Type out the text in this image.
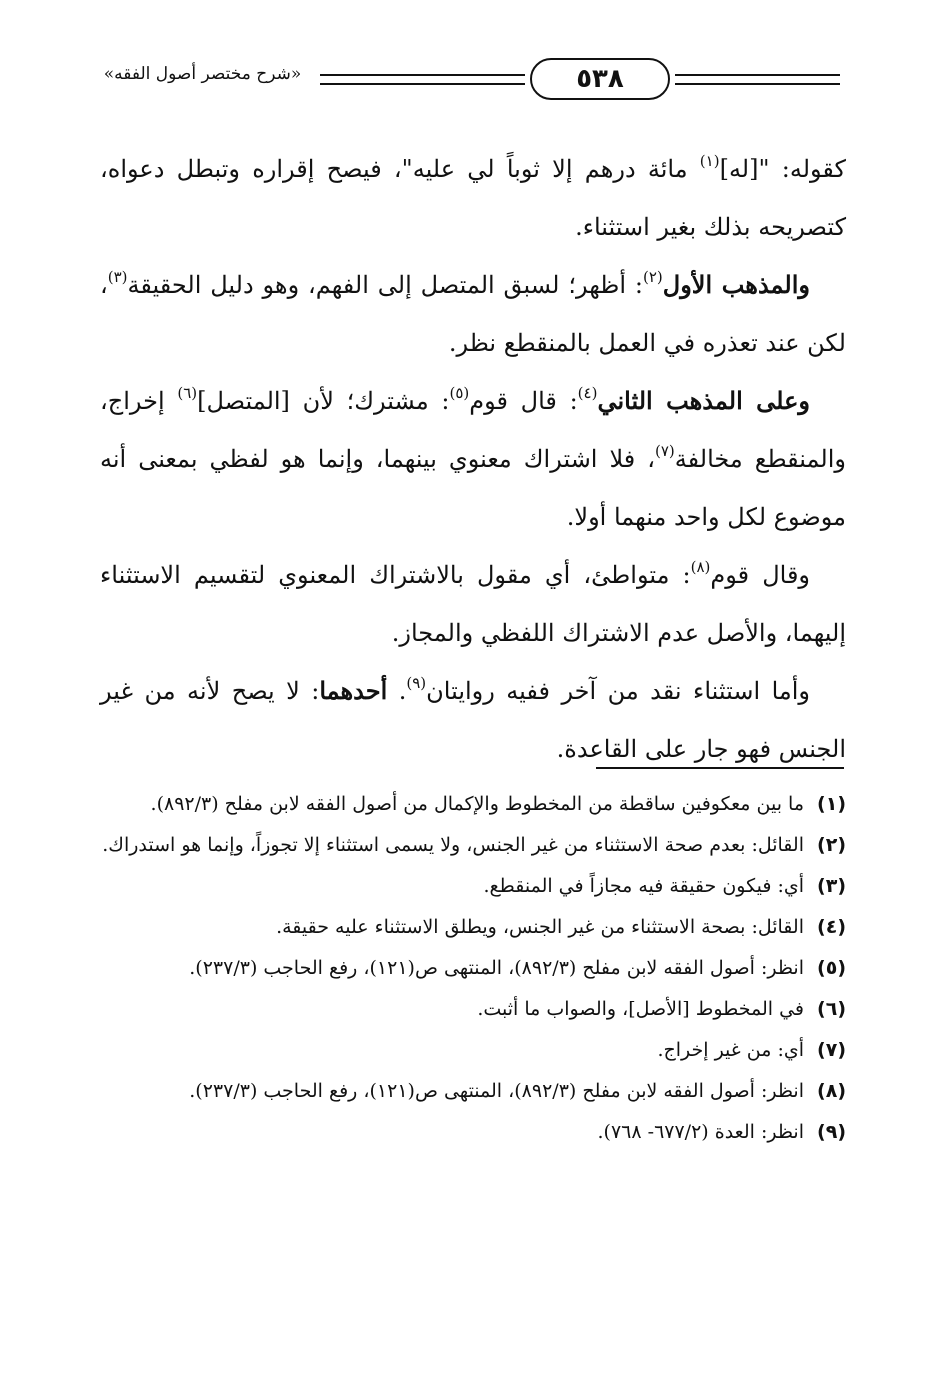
«شرح مختصر أصول الفقه»	٥٣٨

كقوله: "[له]$^{(١)}$ مائة درهم إلا ثوباً لي عليه"، فيصح إقراره وتبطل دعواه، كتصريحه بذلك بغير استثناء.

والمذهب الأول$^{(٢)}$: أظهر؛ لسبق المتصل إلى الفهم، وهو دليل الحقيقة$^{(٣)}$، لكن عند تعذره في العمل بالمنقطع نظر.

وعلى المذهب الثاني$^{(٤)}$: قال قوم$^{(٥)}$: مشترك؛ لأن [المتصل]$^{(٦)}$ إخراج، والمنقطع مخالفة$^{(٧)}$، فلا اشتراك معنوي بينهما، وإنما هو لفظي بمعنى أنه موضوع لكل واحد منهما أولا.

وقال قوم$^{(٨)}$: متواطئ، أي مقول بالاشتراك المعنوي لتقسيم الاستثناء إليهما، والأصل عدم الاشتراك اللفظي والمجاز.

وأما استثناء نقد من آخر ففيه روايتان$^{(٩)}$. أحدهما: لا يصح لأنه من غير الجنس فهو جار على القاعدة.

(١)
ما بين معكوفين ساقطة من المخطوط والإكمال من أصول الفقه لابن مفلح (٨٩٢/٣).
(٢)
القائل: بعدم صحة الاستثناء من غير الجنس، ولا يسمى استثناء إلا تجوزاً، وإنما هو استدراك.
(٣)
أي: فيكون حقيقة فيه مجازاً في المنقطع.
(٤)
القائل: بصحة الاستثناء من غير الجنس، ويطلق الاستثناء عليه حقيقة.
(٥)
انظر: أصول الفقه لابن مفلح (٨٩٢/٣)، المنتهى ص(١٢١)، رفع الحاجب (٢٣٧/٣).
(٦)
في المخطوط [الأصل]، والصواب ما أثبت.
(٧)
أي: من غير إخراج.
(٨)
انظر: أصول الفقه لابن مفلح (٨٩٢/٣)، المنتهى ص(١٢١)، رفع الحاجب (٢٣٧/٣).
(٩)
انظر: العدة (٦٧٧/٢- ٧٦٨).
